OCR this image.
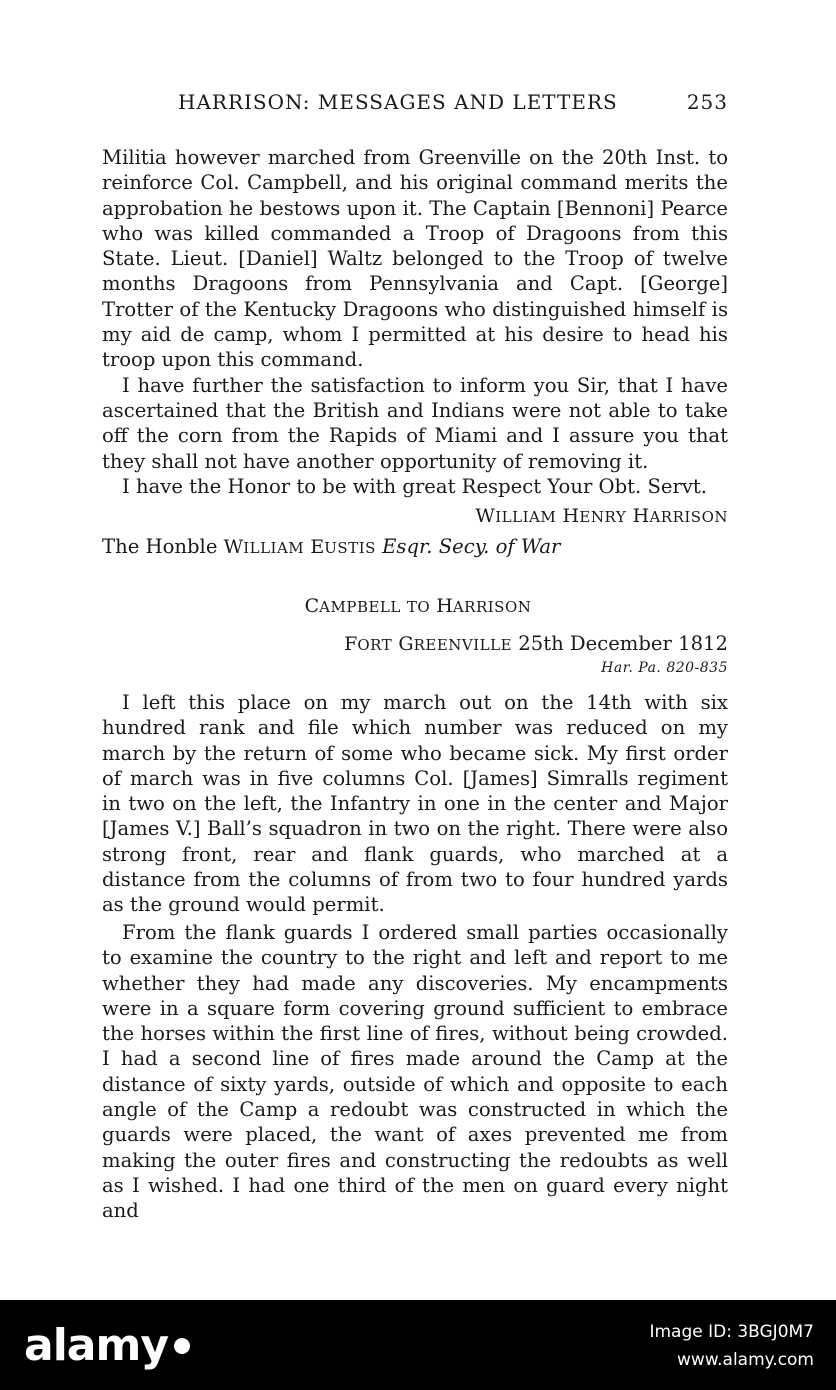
HARRISON: MESSAGES AND LETTERS	253

Militia however marched from Greenville on the 20th Inst. to reinforce Col. Campbell, and his original command merits the approbation he bestows upon it. The Captain [Bennoni] Pearce who was killed commanded a Troop of Dragoons from this State. Lieut. [Daniel] Waltz belonged to the Troop of twelve months Dragoons from Pennsylvania and Capt. [George] Trotter of the Kentucky Dragoons who distinguished himself is my aid de camp, whom I permitted at his desire to head his troop upon this command.

I have further the satisfaction to inform you Sir, that I have ascertained that the British and Indians were not able to take off the corn from the Rapids of Miami and I assure you that they shall not have another opportunity of removing it.

I have the Honor to be with great Respect Your Obt. Servt.

WILLIAM HENRY HARRISON
The Honble WILLIAM EUSTIS Esqr. Secy. of War
CAMPBELL TO HARRISON
FORT GREENVILLE 25th December 1812
Har. Pa. 820-835

I left this place on my march out on the 14th with six hundred rank and file which number was reduced on my march by the return of some who became sick. My first order of march was in five columns Col. [James] Simralls regiment in two on the left, the Infantry in one in the center and Major [James V.] Ball’s squadron in two on the right. There were also strong front, rear and flank guards, who marched at a distance from the columns of from two to four hundred yards as the ground would permit.

From the flank guards I ordered small parties occasionally to examine the country to the right and left and report to me whether they had made any discoveries. My encampments were in a square form covering ground sufficient to embrace the horses within the first line of fires, without being crowded. I had a second line of fires made around the Camp at the distance of sixty yards, outside of which and opposite to each angle of the Camp a redoubt was constructed in which the guards were placed, the want of axes prevented me from making the outer fires and constructing the redoubts as well as I wished. I had one third of the men on guard every night and

alamy	Image ID: 3BGJ0M7
www.alamy.com
